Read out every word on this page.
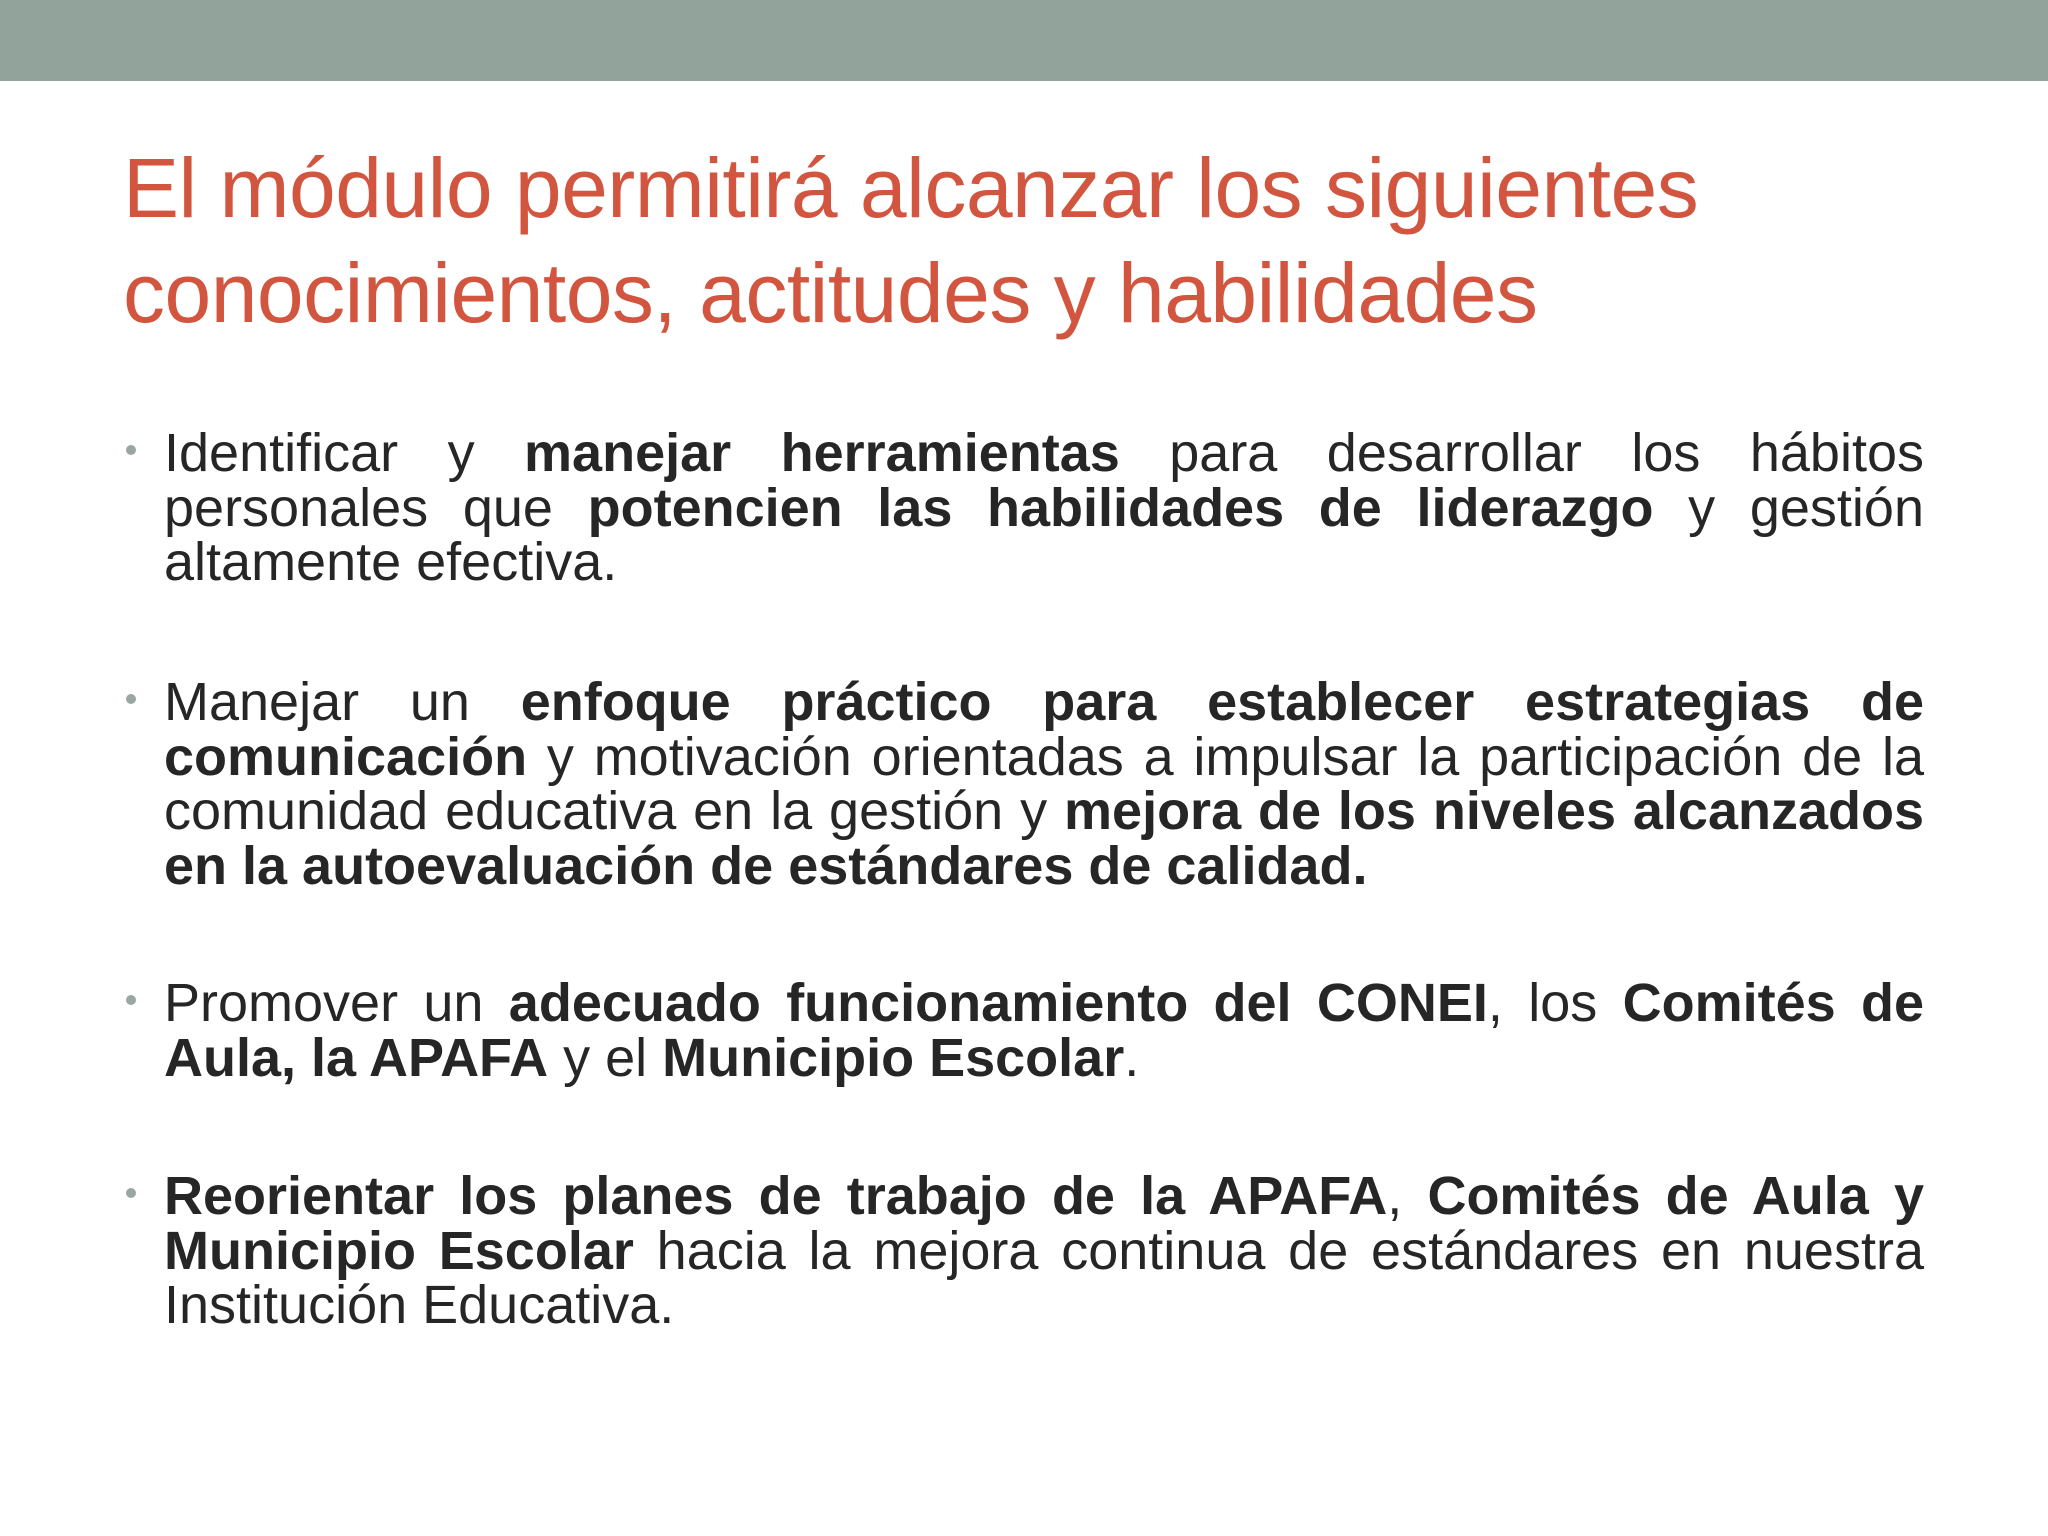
El módulo permitirá alcanzar los siguientes
conocimientos, actitudes y habilidades
Identificar y manejar herramientas para desarrollar los hábitos personales que potencien las habilidades de liderazgo y gestión altamente efectiva.
Manejar un enfoque práctico para establecer estrategias de comunicación y motivación orientadas a impulsar la participación de la comunidad educativa en la gestión y mejora de los niveles alcanzados en la autoevaluación de estándares de calidad.
Promover un adecuado funcionamiento del CONEI, los Comités de Aula, la APAFA y el Municipio Escolar.
Reorientar los planes de trabajo de la APAFA, Comités de Aula y Municipio Escolar hacia la mejora continua de estándares en nuestra Institución Educativa.
